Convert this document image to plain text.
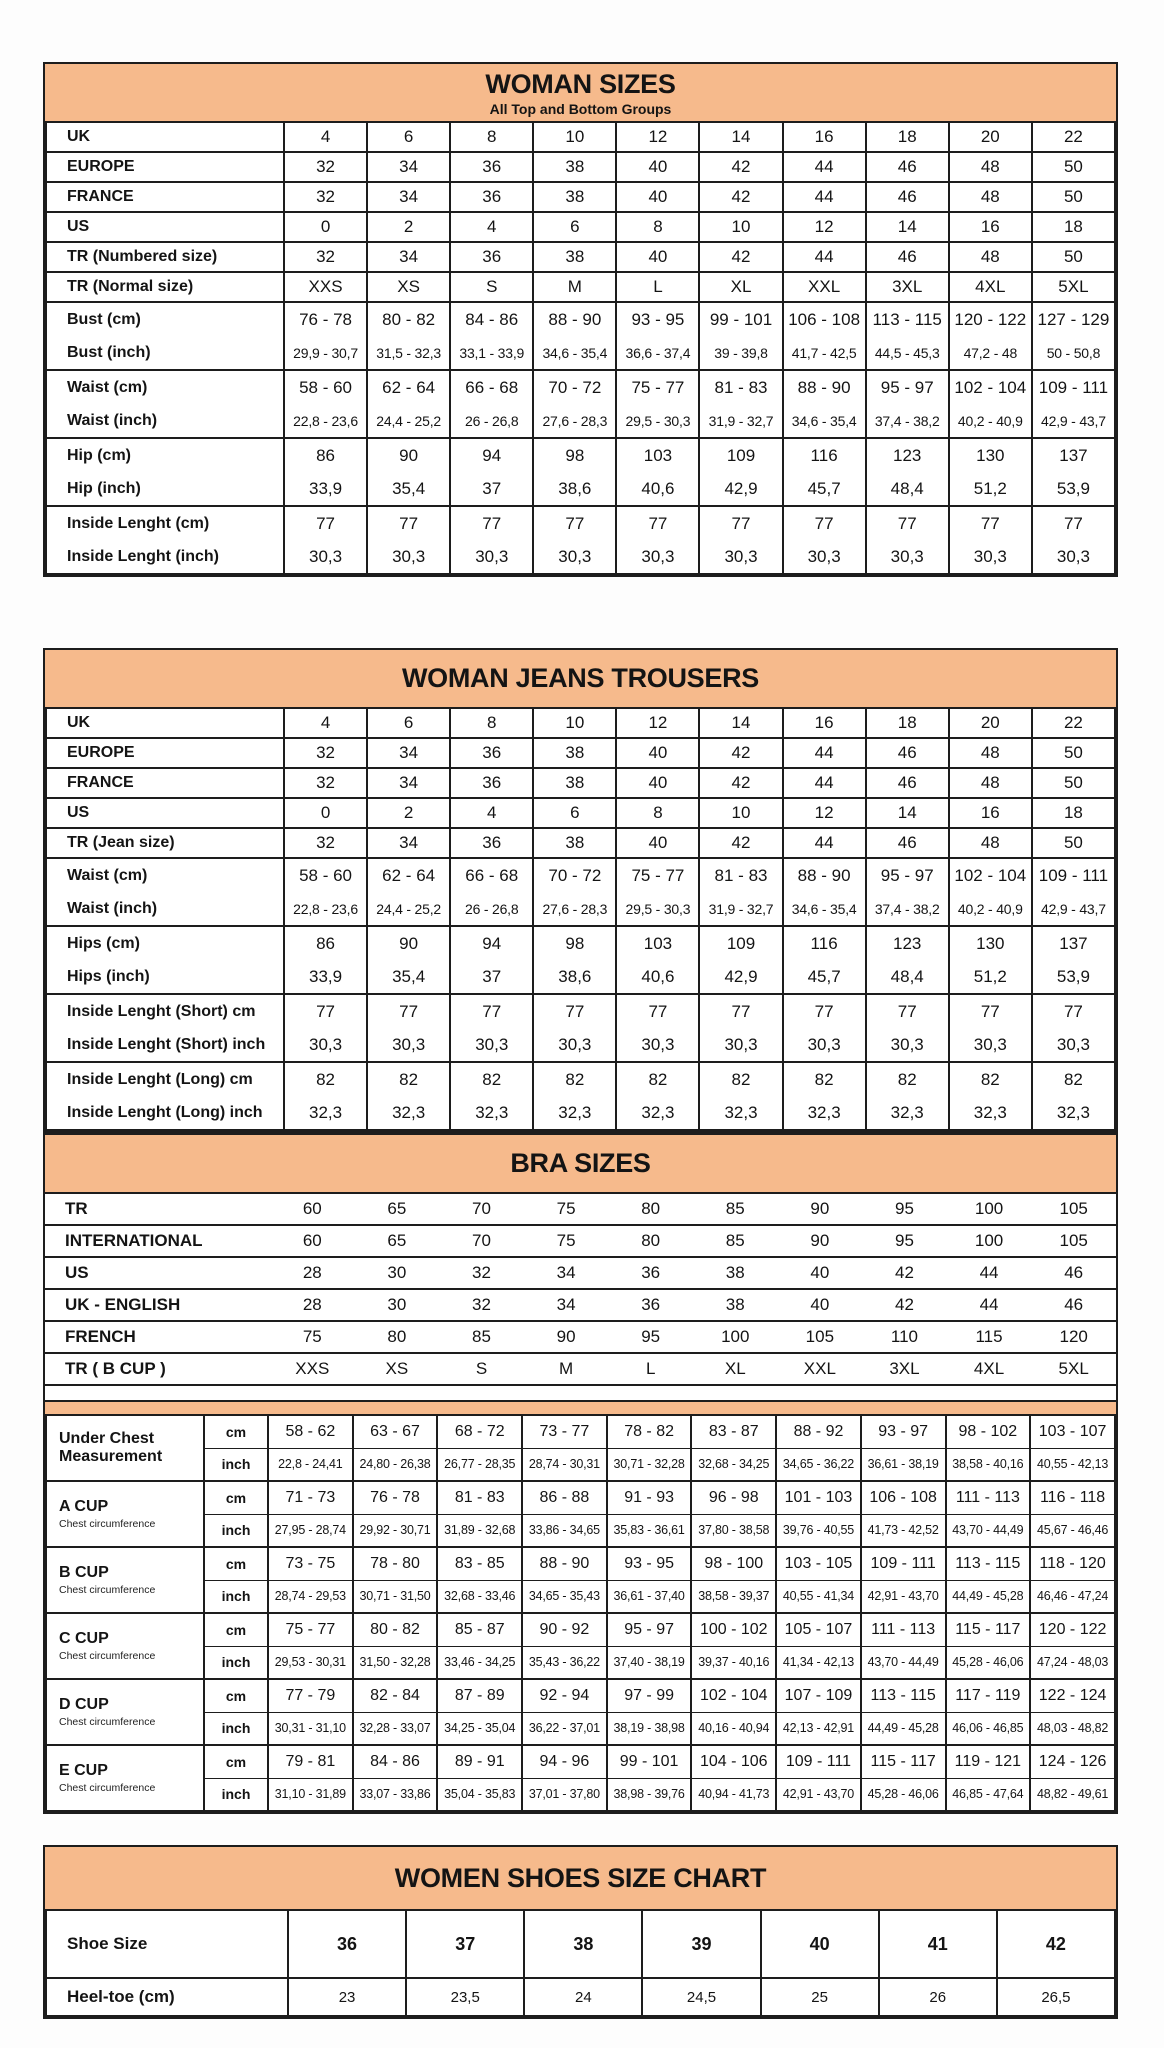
WOMAN SIZES
All Top and Bottom Groups
UK	4	6	8	10	12	14	16	18	20	22
EUROPE	32	34	36	38	40	42	44	46	48	50
FRANCE	32	34	36	38	40	42	44	46	48	50
US	0	2	4	6	8	10	12	14	16	18
TR (Numbered size)	32	34	36	38	40	42	44	46	48	50
TR (Normal size)	XXS	XS	S	M	L	XL	XXL	3XL	4XL	5XL
Bust (cm)	76 - 78	80 - 82	84 - 86	88 - 90	93 - 95	99 - 101	106 - 108	113 - 115	120 - 122	127 - 129
Bust (inch)	29,9 - 30,7	31,5 - 32,3	33,1 - 33,9	34,6 - 35,4	36,6 - 37,4	39 - 39,8	41,7 - 42,5	44,5 - 45,3	47,2 - 48	50 - 50,8
Waist (cm)	58 - 60	62 - 64	66 - 68	70 - 72	75 - 77	81 - 83	88 - 90	95 - 97	102 - 104	109 - 111
Waist (inch)	22,8 - 23,6	24,4 - 25,2	26 - 26,8	27,6 - 28,3	29,5 - 30,3	31,9 - 32,7	34,6 - 35,4	37,4 - 38,2	40,2 - 40,9	42,9 - 43,7
Hip (cm)	86	90	94	98	103	109	116	123	130	137
Hip (inch)	33,9	35,4	37	38,6	40,6	42,9	45,7	48,4	51,2	53,9
Inside Lenght (cm)	77	77	77	77	77	77	77	77	77	77
Inside Lenght (inch)	30,3	30,3	30,3	30,3	30,3	30,3	30,3	30,3	30,3	30,3
WOMAN JEANS TROUSERS
UK	4	6	8	10	12	14	16	18	20	22
EUROPE	32	34	36	38	40	42	44	46	48	50
FRANCE	32	34	36	38	40	42	44	46	48	50
US	0	2	4	6	8	10	12	14	16	18
TR (Jean size)	32	34	36	38	40	42	44	46	48	50
Waist (cm)	58 - 60	62 - 64	66 - 68	70 - 72	75 - 77	81 - 83	88 - 90	95 - 97	102 - 104	109 - 111
Waist (inch)	22,8 - 23,6	24,4 - 25,2	26 - 26,8	27,6 - 28,3	29,5 - 30,3	31,9 - 32,7	34,6 - 35,4	37,4 - 38,2	40,2 - 40,9	42,9 - 43,7
Hips (cm)	86	90	94	98	103	109	116	123	130	137
Hips (inch)	33,9	35,4	37	38,6	40,6	42,9	45,7	48,4	51,2	53,9
Inside Lenght (Short) cm	77	77	77	77	77	77	77	77	77	77
Inside Lenght (Short) inch	30,3	30,3	30,3	30,3	30,3	30,3	30,3	30,3	30,3	30,3
Inside Lenght (Long) cm	82	82	82	82	82	82	82	82	82	82
Inside Lenght (Long) inch	32,3	32,3	32,3	32,3	32,3	32,3	32,3	32,3	32,3	32,3
BRA SIZES
TR	60	65	70	75	80	85	90	95	100	105
INTERNATIONAL	60	65	70	75	80	85	90	95	100	105
US	28	30	32	34	36	38	40	42	44	46
UK - ENGLISH	28	30	32	34	36	38	40	42	44	46
FRENCH	75	80	85	90	95	100	105	110	115	120
TR ( B CUP )	XXS	XS	S	M	L	XL	XXL	3XL	4XL	5XL
Under Chest Measurement	cm	58 - 62	63 - 67	68 - 72	73 - 77	78 - 82	83 - 87	88 - 92	93 - 97	98 - 102	103 - 107
	inch	22,8 - 24,41	24,80 - 26,38	26,77 - 28,35	28,74 - 30,31	30,71 - 32,28	32,68 - 34,25	34,65 - 36,22	36,61 - 38,19	38,58 - 40,16	40,55 - 42,13

A CUP
Chest circumference	cm	71 - 73	76 - 78	81 - 83	86 - 88	91 - 93	96 - 98	101 - 103	106 - 108	111 - 113	116 - 118
	inch	27,95 - 28,74	29,92 - 30,71	31,89 - 32,68	33,86 - 34,65	35,83 - 36,61	37,80 - 38,58	39,76 - 40,55	41,73 - 42,52	43,70 - 44,49	45,67 - 46,46

B CUP
Chest circumference	cm	73 - 75	78 - 80	83 - 85	88 - 90	93 - 95	98 - 100	103 - 105	109 - 111	113 - 115	118 - 120
	inch	28,74 - 29,53	30,71 - 31,50	32,68 - 33,46	34,65 - 35,43	36,61 - 37,40	38,58 - 39,37	40,55 - 41,34	42,91 - 43,70	44,49 - 45,28	46,46 - 47,24

C CUP
Chest circumference	cm	75 - 77	80 - 82	85 - 87	90 - 92	95 - 97	100 - 102	105 - 107	111 - 113	115 - 117	120 - 122
	inch	29,53 - 30,31	31,50 - 32,28	33,46 - 34,25	35,43 - 36,22	37,40 - 38,19	39,37 - 40,16	41,34 - 42,13	43,70 - 44,49	45,28 - 46,06	47,24 - 48,03

D CUP
Chest circumference	cm	77 - 79	82 - 84	87 - 89	92 - 94	97 - 99	102 - 104	107 - 109	113 - 115	117 - 119	122 - 124
	inch	30,31 - 31,10	32,28 - 33,07	34,25 - 35,04	36,22 - 37,01	38,19 - 38,98	40,16 - 40,94	42,13 - 42,91	44,49 - 45,28	46,06 - 46,85	48,03 - 48,82

E CUP
Chest circumference	cm	79 - 81	84 - 86	89 - 91	94 - 96	99 - 101	104 - 106	109 - 111	115 - 117	119 - 121	124 - 126
	inch	31,10 - 31,89	33,07 - 33,86	35,04 - 35,83	37,01 - 37,80	38,98 - 39,76	40,94 - 41,73	42,91 - 43,70	45,28 - 46,06	46,85 - 47,64	48,82 - 49,61
WOMEN SHOES SIZE CHART
Shoe Size	36	37	38	39	40	41	42
Heel-toe (cm)	23	23,5	24	24,5	25	26	26,5
